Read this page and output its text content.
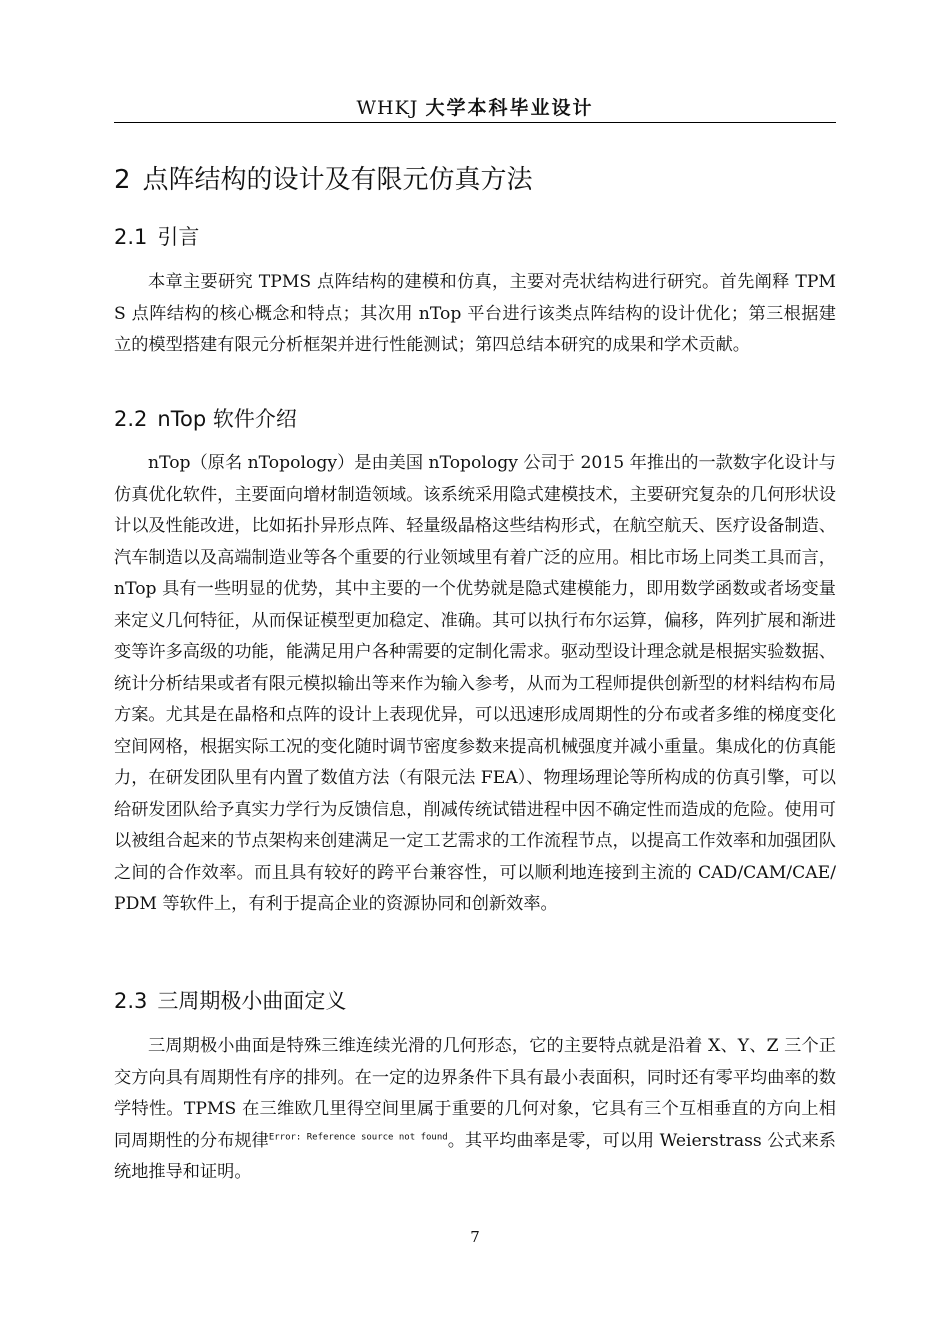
WHKJ 大学本科毕业设计
2 点阵结构的设计及有限元仿真方法
2.1 引言

本章主要研究 TPMS 点阵结构的建模和仿真，主要对壳状结构进行研究。首先阐释 TPMS 点阵结构的核心概念和特点；其次用 nTop 平台进行该类点阵结构的设计优化；第三根据建立的模型搭建有限元分析框架并进行性能测试；第四总结本研究的成果和学术贡献。

2.2 nTop 软件介绍

nTop（原名 nTopology）是由美国 nTopology 公司于 2015 年推出的一款数字化设计与仿真优化软件，主要面向增材制造领域。该系统采用隐式建模技术，主要研究复杂的几何形状设计以及性能改进，比如拓扑异形点阵、轻量级晶格这些结构形式，在航空航天、医疗设备制造、汽车制造以及高端制造业等各个重要的行业领域里有着广泛的应用。相比市场上同类工具而言，nTop 具有一些明显的优势，其中主要的一个优势就是隐式建模能力，即用数学函数或者场变量来定义几何特征，从而保证模型更加稳定、准确。其可以执行布尔运算，偏移，阵列扩展和渐进变等许多高级的功能，能满足用户各种需要的定制化需求。驱动型设计理念就是根据实验数据、统计分析结果或者有限元模拟输出等来作为输入参考，从而为工程师提供创新型的材料结构布局方案。尤其是在晶格和点阵的设计上表现优异，可以迅速形成周期性的分布或者多维的梯度变化空间网格，根据实际工况的变化随时调节密度参数来提高机械强度并减小重量。集成化的仿真能力，在研发团队里有内置了数值方法（有限元法 FEA）、物理场理论等所构成的仿真引擎，可以给研发团队给予真实力学行为反馈信息，削减传统试错进程中因不确定性而造成的危险。使用可以被组合起来的节点架构来创建满足一定工艺需求的工作流程节点，以提高工作效率和加强团队之间的合作效率。而且具有较好的跨平台兼容性，可以顺利地连接到主流的 CAD/CAM/CAE/PDM 等软件上，有利于提高企业的资源协同和创新效率。

2.3 三周期极小曲面定义

三周期极小曲面是特殊三维连续光滑的几何形态，它的主要特点就是沿着 X、Y、Z 三个正交方向具有周期性有序的排列。在一定的边界条件下具有最小表面积，同时还有零平均曲率的数学特性。TPMS 在三维欧几里得空间里属于重要的几何对象，它具有三个互相垂直的方向上相同周期性的分布规律$^{Error: Reference source not found}$。其平均曲率是零，可以用 Weierstrass 公式来系统地推导和证明。

7
